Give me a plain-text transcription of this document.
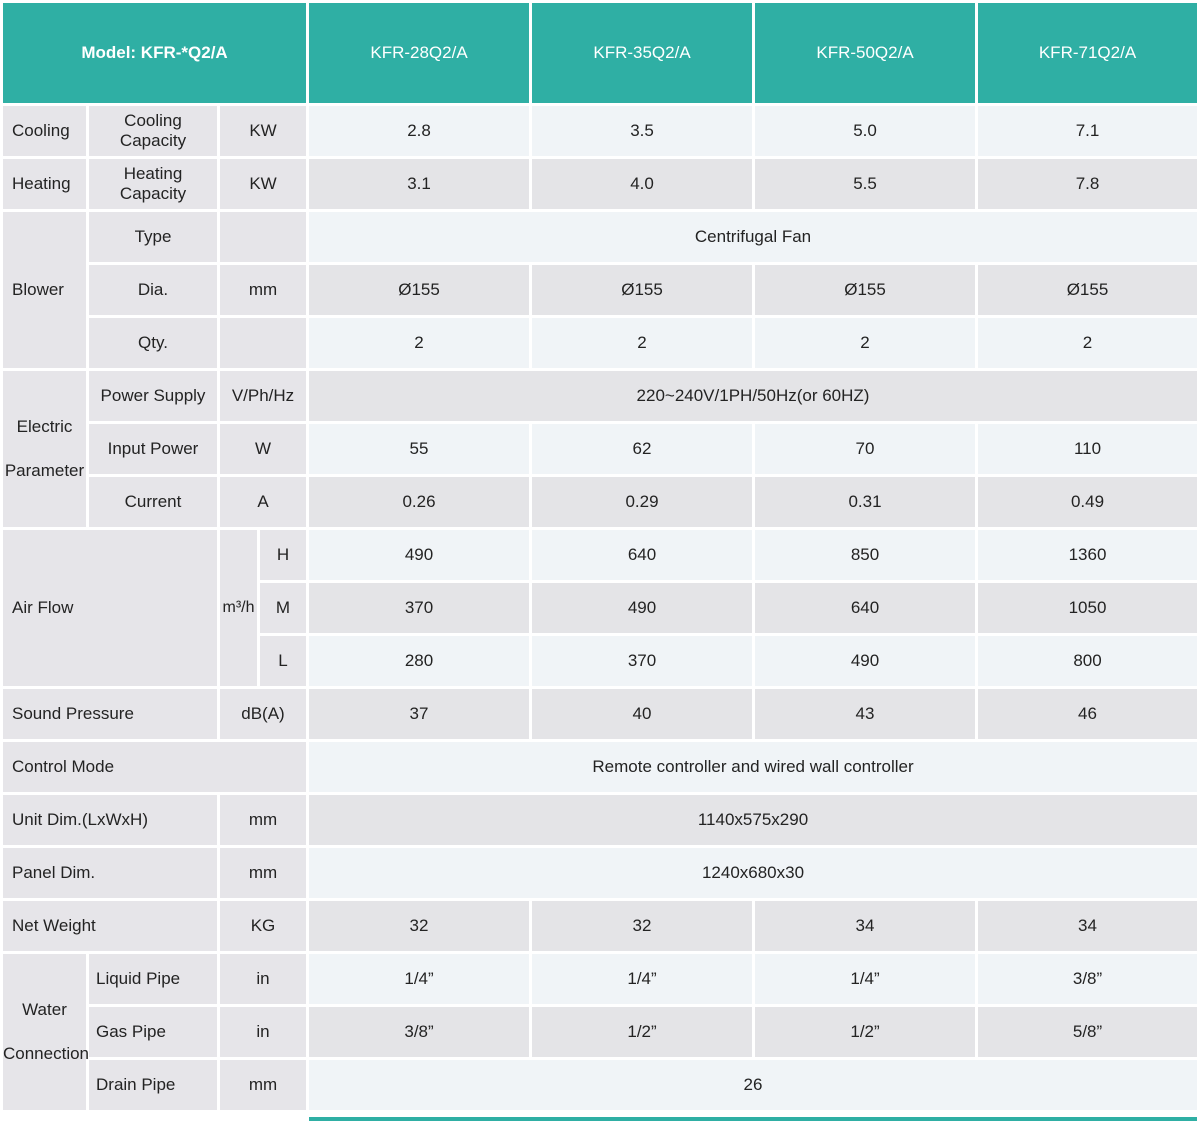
Model: KFR-*Q2/A				KFR-28Q2/A	KFR-35Q2/A	KFR-50Q2/A	KFR-71Q2/A
Cooling	Cooling Capacity	KW		2.8	3.5	5.0	7.1
Heating	Heating Capacity	KW		3.1	4.0	5.5	7.8
Blower	Type			Centrifugal Fan			
	Dia.	mm		Ø155	Ø155	Ø155	Ø155
	Qty.			2	2	2	2
Electric Parameter	Power Supply	V/Ph/Hz		220~240V/1PH/50Hz(or 60HZ)			
	Input Power	W		55	62	70	110
	Current	A		0.26	0.29	0.31	0.49
Air Flow		m³/h	H	490	640	850	1360
			M	370	490	640	1050
			L	280	370	490	800
Sound Pressure		dB(A)		37	40	43	46
Control Mode				Remote controller and wired wall controller			
Unit Dim.(LxWxH)		mm		1140x575x290			
Panel Dim.		mm		1240x680x30			
Net Weight		KG		32	32	34	34
Water Connection	Liquid Pipe	in		1/4”	1/4”	1/4”	3/8”
	Gas Pipe	in		3/8”	1/2”	1/2”	5/8”
	Drain Pipe	mm		26			
